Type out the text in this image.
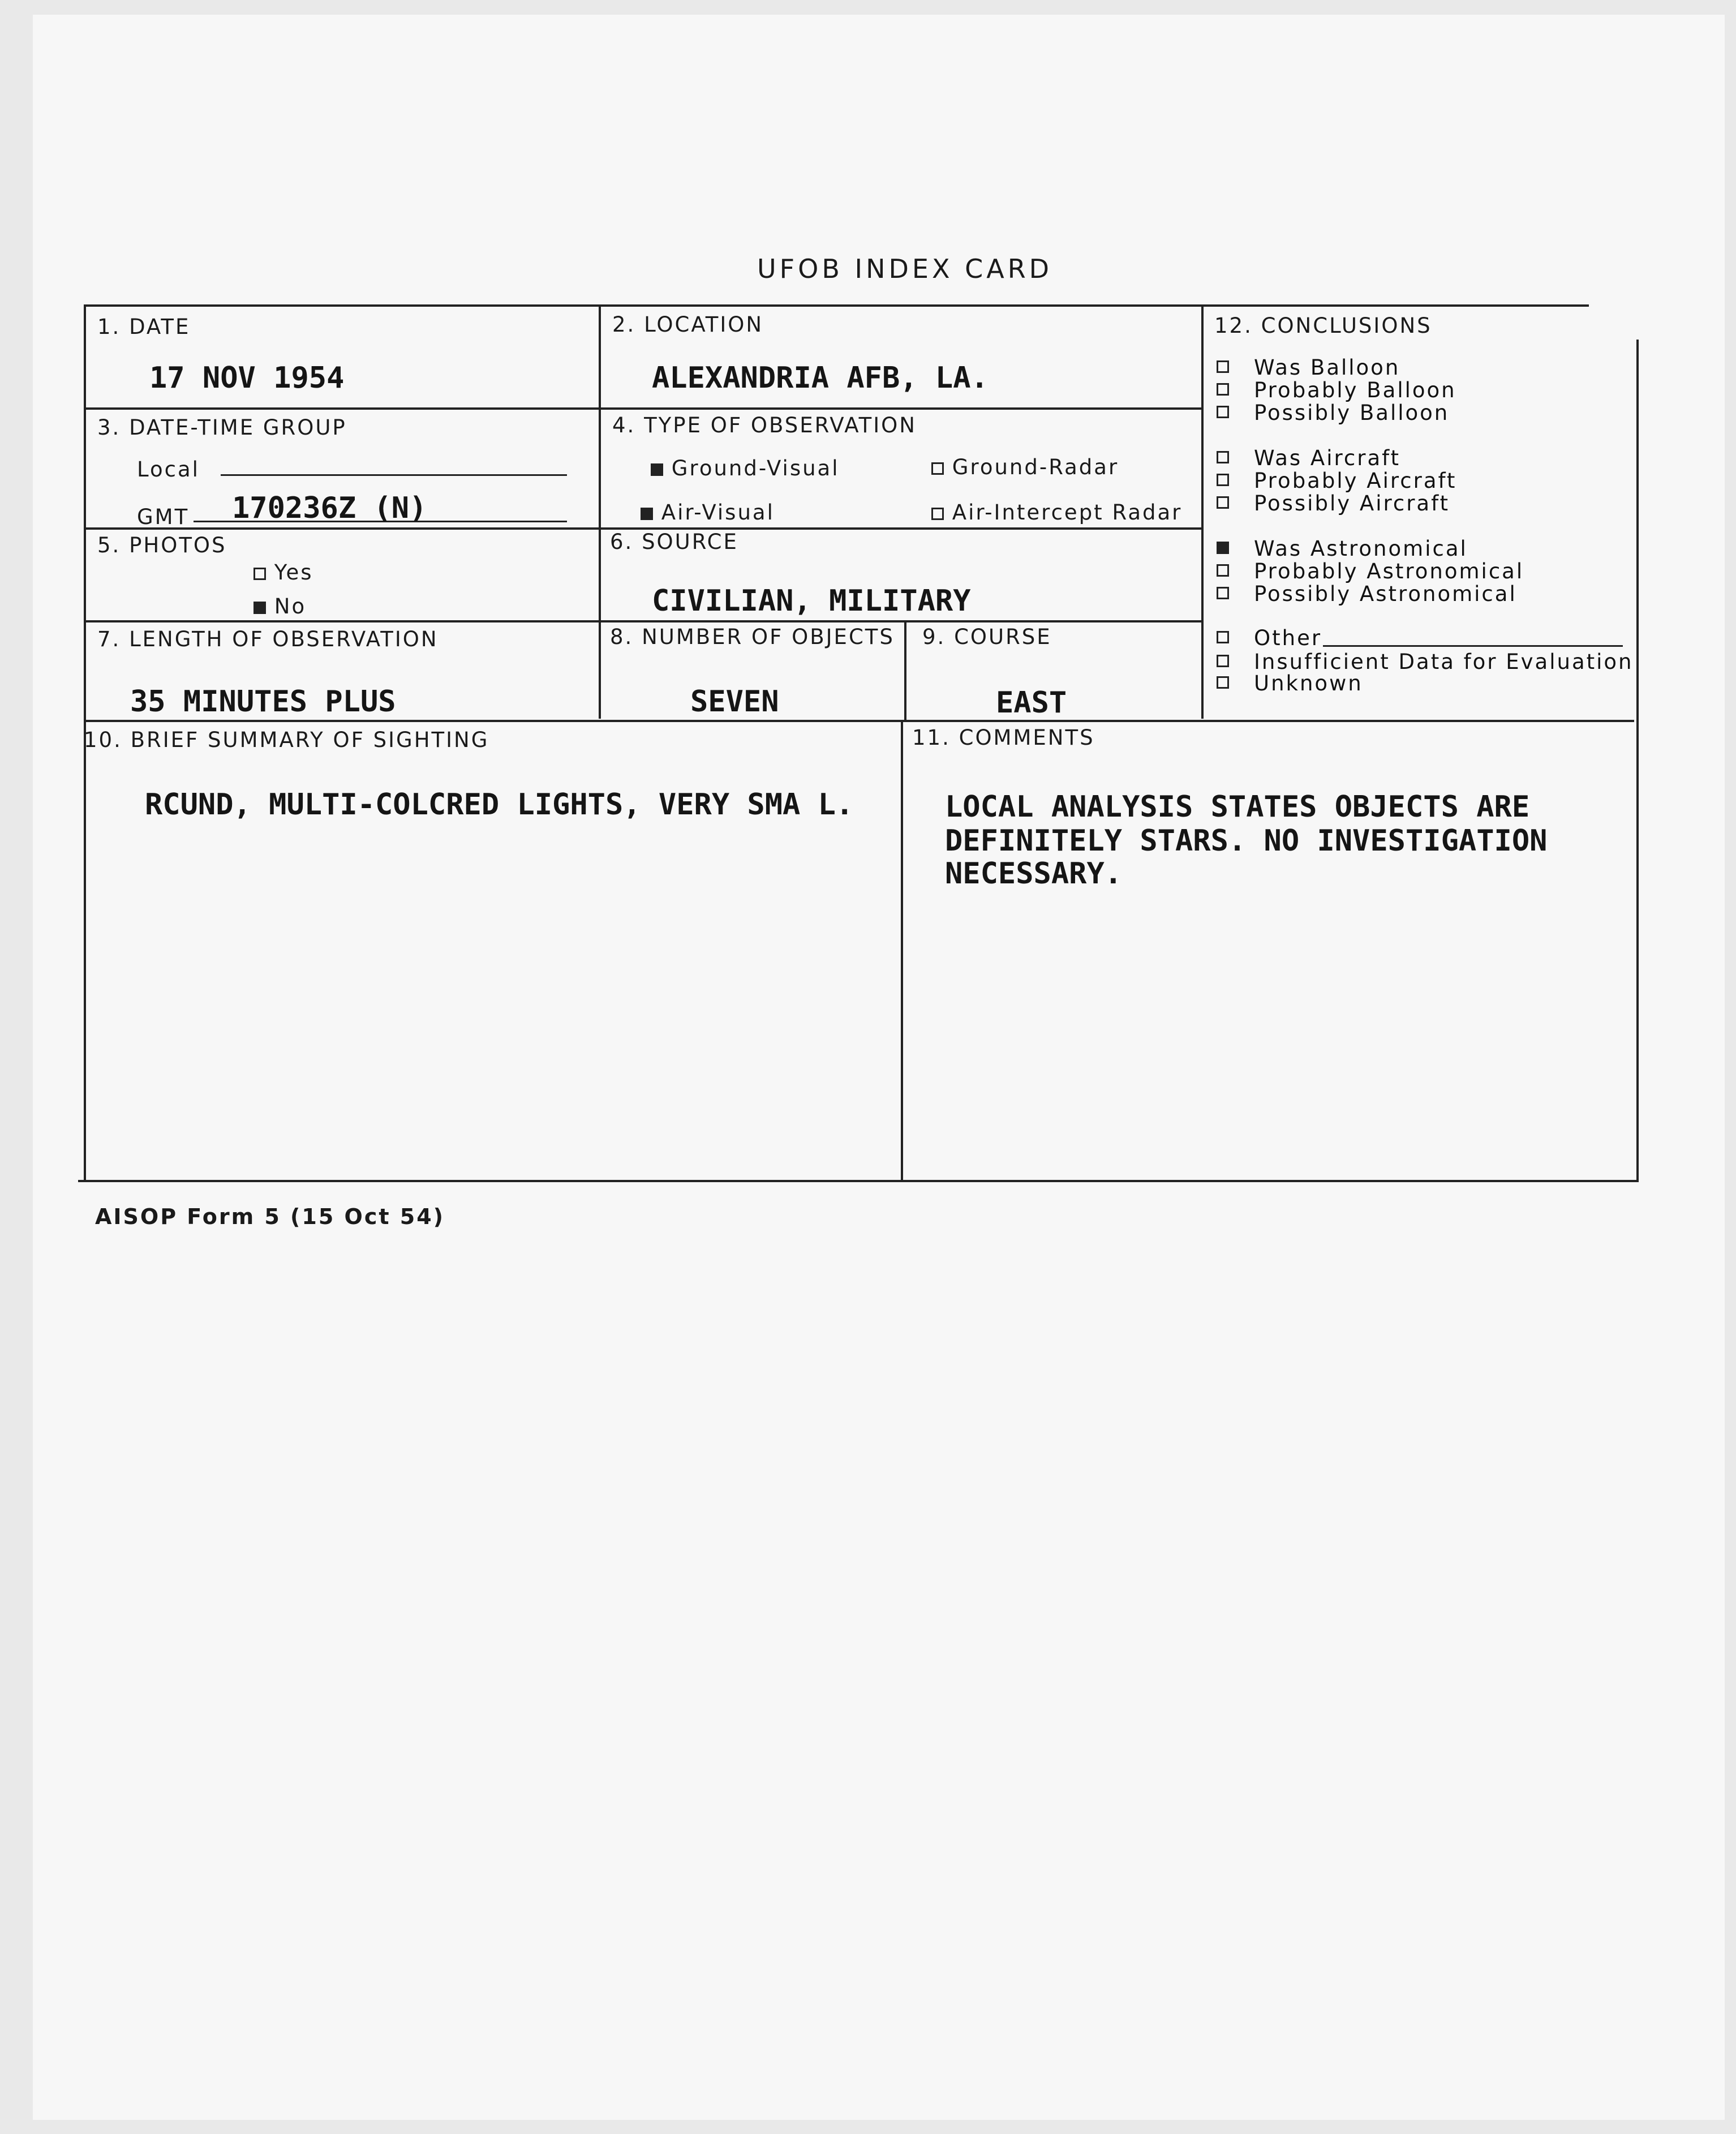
UFOB INDEX CARD
1. DATE
17 NOV 1954
2. LOCATION
ALEXANDRIA AFB, LA.
3. DATE-TIME GROUP
Local
GMT 170236Z (N)
4. TYPE OF OBSERVATION
Ground-Visual	Ground-Radar
Air-Visual	Air-Intercept Radar
5. PHOTOS
Yes
No
6. SOURCE
CIVILIAN, MILITARY
7. LENGTH OF OBSERVATION
35 MINUTES PLUS
8. NUMBER OF OBJECTS
SEVEN
9. COURSE
EAST
10. BRIEF SUMMARY OF SIGHTING
RCUND, MULTI-COLCRED LIGHTS, VERY SMA L.
11. COMMENTS
LOCAL ANALYSIS STATES OBJECTS ARE
DEFINITELY STARS. NO INVESTIGATION
NECESSARY.
12. CONCLUSIONS
Was Balloon
Probably Balloon
Possibly Balloon
Was Aircraft
Probably Aircraft
Possibly Aircraft
Was Astronomical
Probably Astronomical
Possibly Astronomical
Other
Insufficient Data for Evaluation
Unknown
AISOP Form 5 (15 Oct 54)
